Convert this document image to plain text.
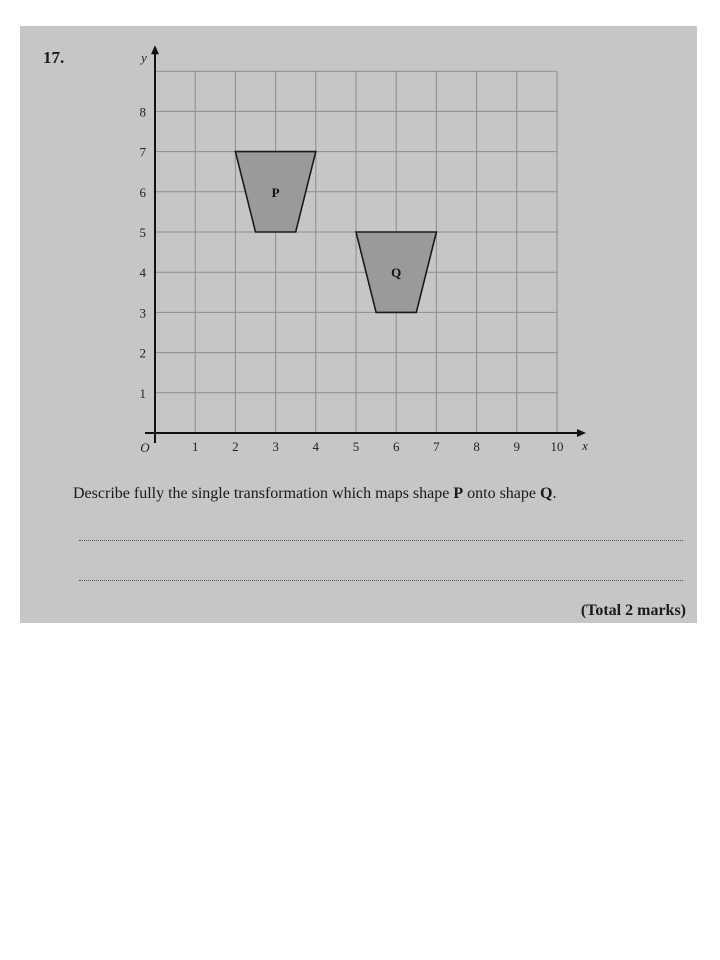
17.
P
Q
1	2	3	4	5	6	7	8	9 10
1
2
3
4
5
6
7
8
O	x
y
Describe fully the single transformation which maps shape P onto shape Q.
(Total 2 marks)
